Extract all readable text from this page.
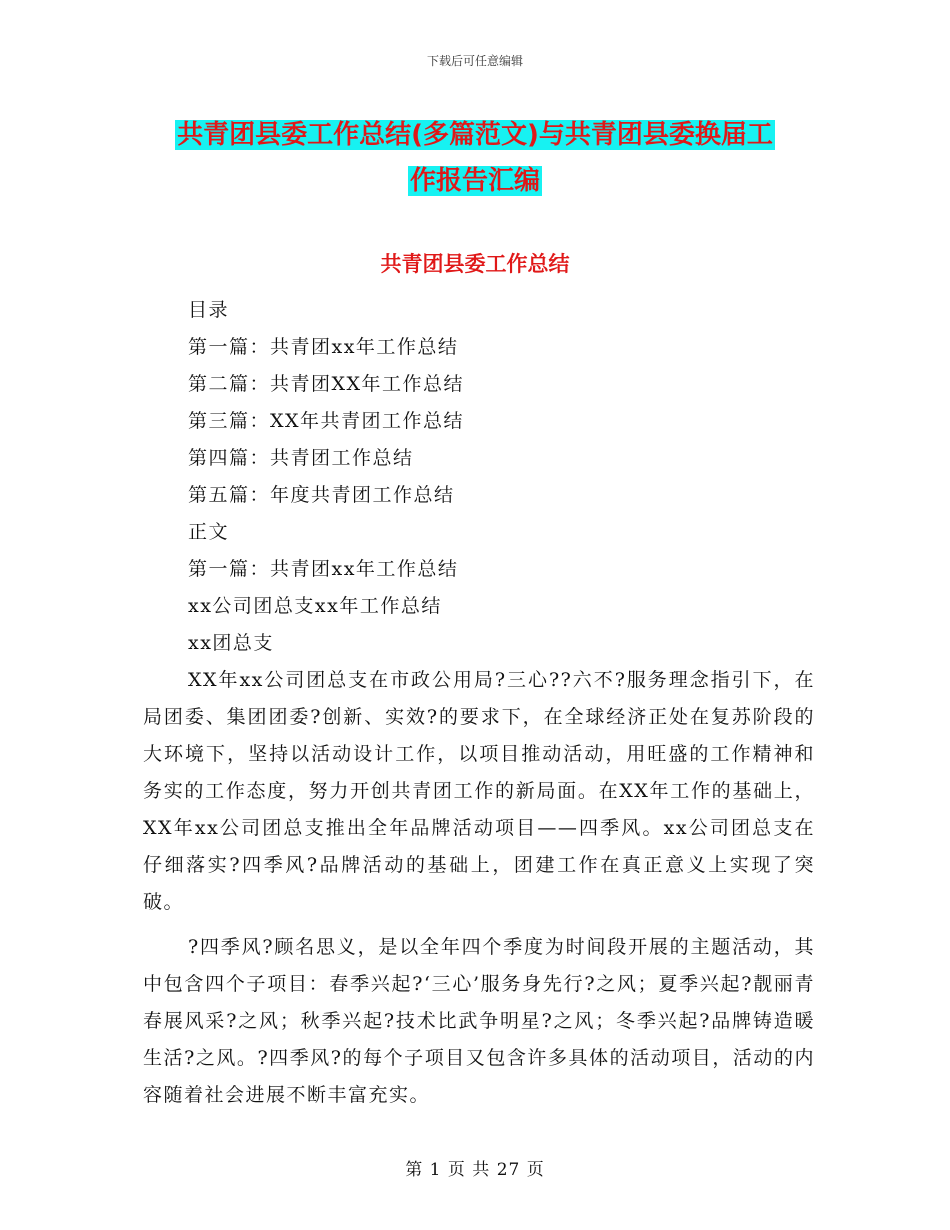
下载后可任意编辑
共青团县委工作总结(多篇范文)与共青团县委换届工
作报告汇编
共青团县委工作总结
目录
第一篇：共青团xx年工作总结
第二篇：共青团XX年工作总结
第三篇：XX年共青团工作总结
第四篇：共青团工作总结
第五篇：年度共青团工作总结
正文
第一篇：共青团xx年工作总结
xx公司团总支xx年工作总结
xx团总支

XX年xx公司团总支在市政公用局?三心??六不?服务理念指引下，在局团委、集团团委?创新、实效?的要求下，在全球经济正处在复苏阶段的大环境下，坚持以活动设计工作，以项目推动活动，用旺盛的工作精神和务实的工作态度，努力开创共青团工作的新局面。在XX年工作的基础上，XX年xx公司团总支推出全年品牌活动项目——四季风。xx公司团总支在仔细落实?四季风?品牌活动的基础上，团建工作在真正意义上实现了突破。

?四季风?顾名思义，是以全年四个季度为时间段开展的主题活动，其中包含四个子项目：春季兴起?‘三心’服务身先行?之风；夏季兴起?靓丽青春展风采?之风；秋季兴起?技术比武争明星?之风；冬季兴起?品牌铸造暖生活?之风。?四季风?的每个子项目又包含许多具体的活动项目，活动的内容随着社会进展不断丰富充实。

第 1 页 共 27 页
